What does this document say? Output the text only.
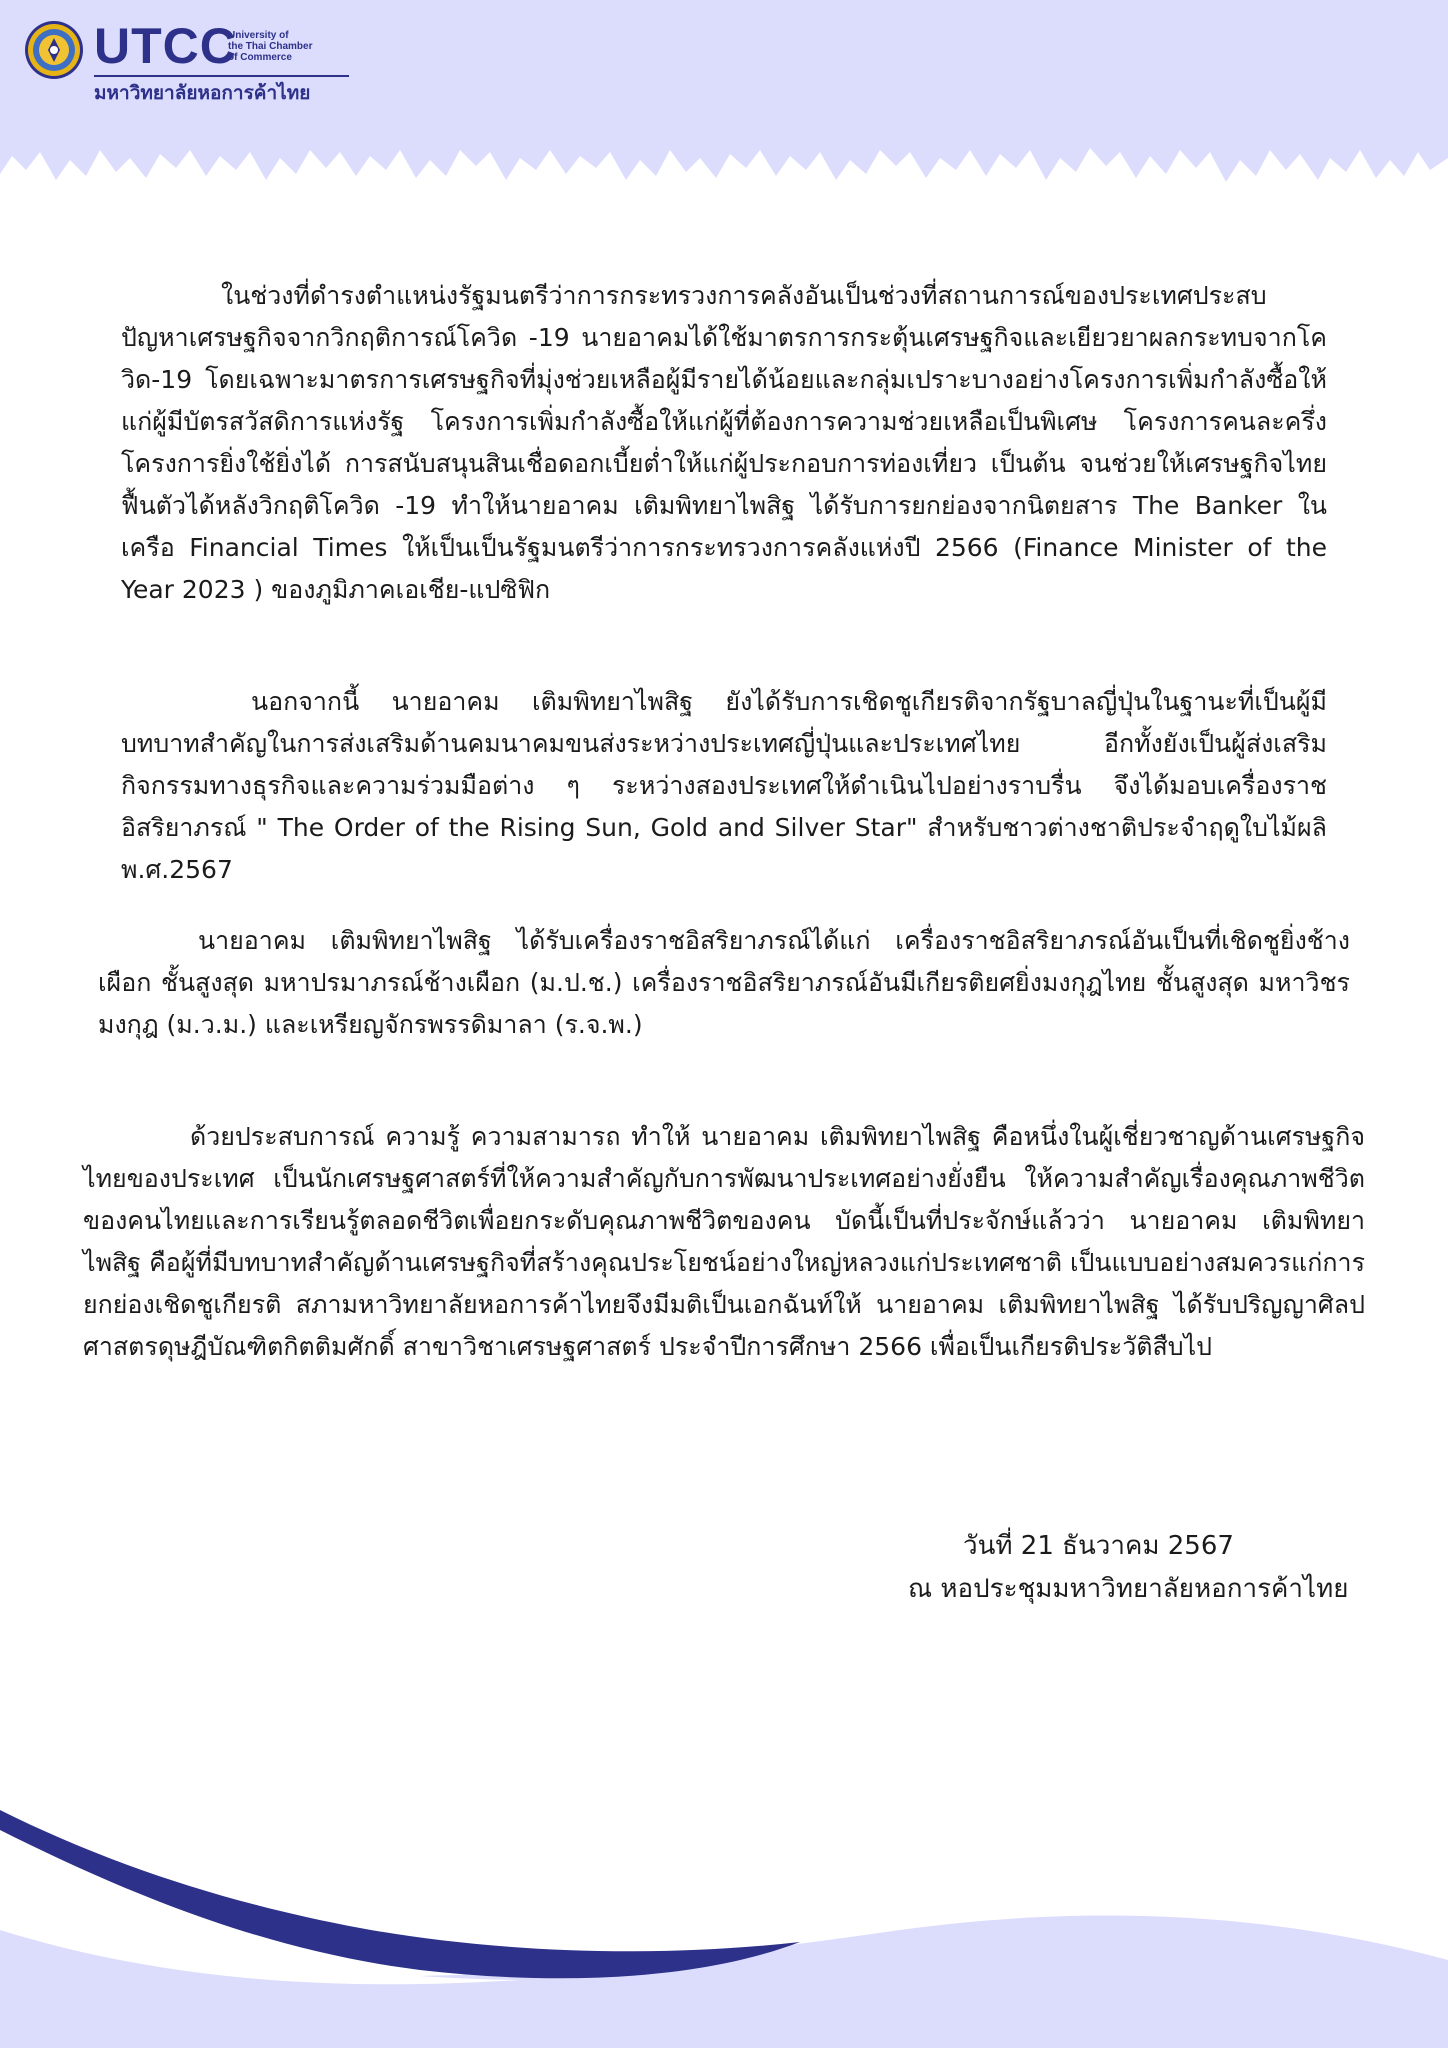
UTCC
University of
the Thai Chamber
of Commerce
มหาวิทยาลัยหอการค้าไทย

ในช่วงที่ดำรงตำแหน่งรัฐมนตรีว่าการกระทรวงการคลังอันเป็นช่วงที่สถานการณ์ของประเทศประสบปัญหาเศรษฐกิจจากวิกฤติการณ์โควิด -19 นายอาคมได้ใช้มาตรการกระตุ้นเศรษฐกิจและเยียวยาผลกระทบจากโควิด-19 โดยเฉพาะมาตรการเศรษฐกิจที่มุ่งช่วยเหลือผู้มีรายได้น้อยและกลุ่มเปราะบางอย่างโครงการเพิ่มกำลังซื้อให้แก่ผู้มีบัตรสวัสดิการแห่งรัฐ โครงการเพิ่มกำลังซื้อให้แก่ผู้ที่ต้องการความช่วยเหลือเป็นพิเศษ โครงการคนละครึ่ง โครงการยิ่งใช้ยิ่งได้ การสนับสนุนสินเชื่อดอกเบี้ยต่ำให้แก่ผู้ประกอบการท่องเที่ยว เป็นต้น จนช่วยให้เศรษฐกิจไทยฟื้นตัวได้หลังวิกฤติโควิด -19 ทำให้นายอาคม เติมพิทยาไพสิฐ ได้รับการยกย่องจากนิตยสาร The Banker ในเครือ Financial Times ให้เป็นเป็นรัฐมนตรีว่าการกระทรวงการคลังแห่งปี 2566 (Finance Minister of the Year 2023 ) ของภูมิภาคเอเชีย-แปซิฟิก

นอกจากนี้ นายอาคม เติมพิทยาไพสิฐ ยังได้รับการเชิดชูเกียรติจากรัฐบาลญี่ปุ่นในฐานะที่เป็นผู้มีบทบาทสำคัญในการส่งเสริมด้านคมนาคมขนส่งระหว่างประเทศญี่ปุ่นและประเทศไทย อีกทั้งยังเป็นผู้ส่งเสริมกิจกรรมทางธุรกิจและความร่วมมือต่าง ๆ ระหว่างสองประเทศให้ดำเนินไปอย่างราบรื่น จึงได้มอบเครื่องราชอิสริยาภรณ์ " The Order of the Rising Sun, Gold and Silver Star" สำหรับชาวต่างชาติประจำฤดูใบไม้ผลิ พ.ศ.2567

นายอาคม เติมพิทยาไพสิฐ ได้รับเครื่องราชอิสริยาภรณ์ได้แก่ เครื่องราชอิสริยาภรณ์อันเป็นที่เชิดชูยิ่งช้างเผือก ชั้นสูงสุด มหาปรมาภรณ์ช้างเผือก (ม.ป.ช.) เครื่องราชอิสริยาภรณ์อันมีเกียรติยศยิ่งมงกุฎไทย ชั้นสูงสุด มหาวิชรมงกุฎ (ม.ว.ม.) และเหรียญจักรพรรดิมาลา (ร.จ.พ.)

ด้วยประสบการณ์ ความรู้ ความสามารถ ทำให้ นายอาคม เติมพิทยาไพสิฐ คือหนึ่งในผู้เชี่ยวชาญด้านเศรษฐกิจไทยของประเทศ เป็นนักเศรษฐศาสตร์ที่ให้ความสำคัญกับการพัฒนาประเทศอย่างยั่งยืน ให้ความสำคัญเรื่องคุณภาพชีวิตของคนไทยและการเรียนรู้ตลอดชีวิตเพื่อยกระดับคุณภาพชีวิตของคน บัดนี้เป็นที่ประจักษ์แล้วว่า นายอาคม เติมพิทยาไพสิฐ คือผู้ที่มีบทบาทสำคัญด้านเศรษฐกิจที่สร้างคุณประโยชน์อย่างใหญ่หลวงแก่ประเทศชาติ เป็นแบบอย่างสมควรแก่การยกย่องเชิดชูเกียรติ สภามหาวิทยาลัยหอการค้าไทยจึงมีมติเป็นเอกฉันท์ให้ นายอาคม เติมพิทยาไพสิฐ ได้รับปริญญาศิลปศาสตรดุษฎีบัณฑิตกิตติมศักดิ์ สาขาวิชาเศรษฐศาสตร์ ประจำปีการศึกษา 2566 เพื่อเป็นเกียรติประวัติสืบไป

วันที่ 21 ธันวาคม 2567

ณ หอประชุมมหาวิทยาลัยหอการค้าไทย
